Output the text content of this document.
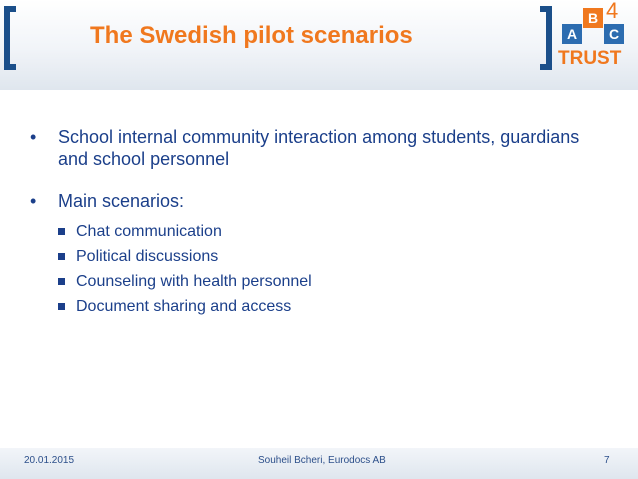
The Swedish pilot scenarios	A
B
C
4
TRUST
• School internal community interaction among students, guardians and school personnel
• Main scenarios:
Chat communication
Political discussions
Counseling with health personnel
Document sharing and access
20.01.2015	Souheil Bcheri, Eurodocs AB	7
